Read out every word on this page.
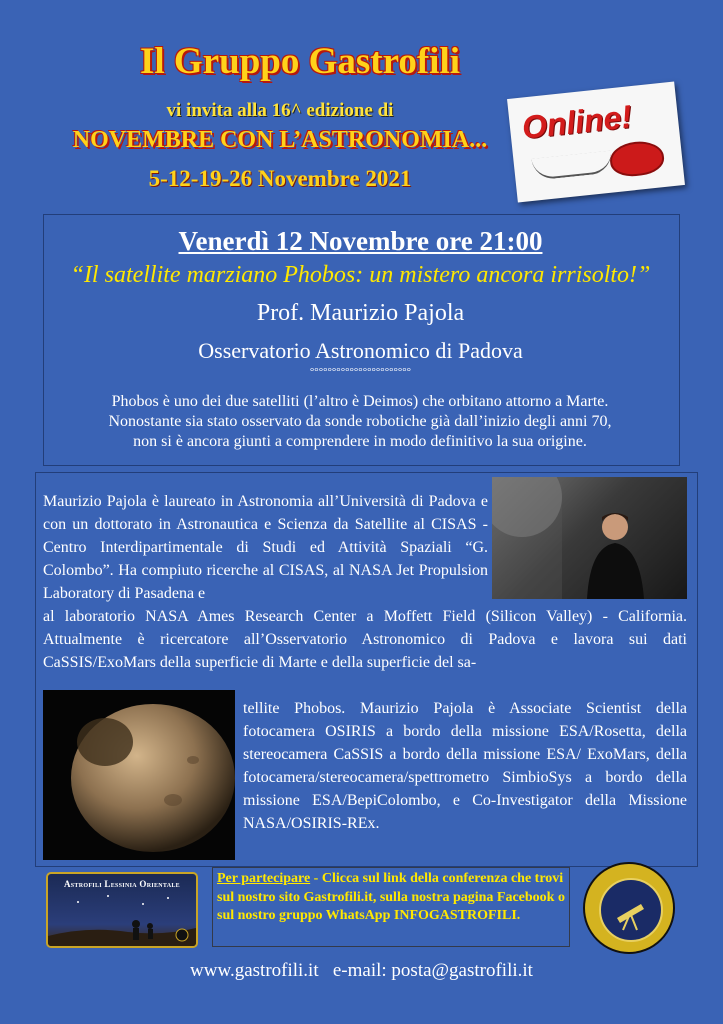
Il Gruppo Gastrofili
vi invita alla 16^ edizione di
NOVEMBRE CON L’ASTRONOMIA...
5-12-19-26 Novembre 2021
Online!
Venerdì 12 Novembre ore 21:00
“Il satellite marziano Phobos: un mistero ancora irrisolto!”
Prof. Maurizio Pajola
Osservatorio Astronomico di Padova
°°°°°°°°°°°°°°°°°°°°°°°
Phobos è uno dei due satelliti (l’altro è Deimos) che orbitano attorno a Marte.
Nonostante sia stato osservato da sonde robotiche già dall’inizio degli anni 70,
non si è ancora giunti a comprendere in modo definitivo la sua origine.
Maurizio Pajola è laureato in Astronomia all’Università di Padova e con un dottorato in Astronautica e Scienza da Satellite al CISAS - Centro Interdipartimentale di Studi ed Attività Spaziali “G. Colombo”. Ha compiuto ricerche al CISAS, al NASA Jet Propulsion Laboratory di Pasadena e
al laboratorio NASA Ames Research Center a Moffett Field (Silicon Valley) - California. Attualmente è ricercatore all’Osservatorio Astronomico di Padova e lavora sui dati CaSSIS/ExoMars della superficie di Marte e della superficie del sa-
tellite Phobos. Maurizio Pajola è Associate Scientist della fotocamera OSIRIS a bordo della missione ESA/Rosetta, della stereocamera CaSSIS a bordo della missione ESA/ ExoMars, della fotocamera/stereocamera/spettrometro SimbioSys a bordo della missione ESA/BepiColombo, e Co-Investigator della Missione NASA/OSIRIS-REx.
Astrofili Lessinia Orientale	Per partecipare - Clicca sul link della conferenza che trovi sul nostro sito Gastrofili.it, sulla nostra pagina Facebook o sul nostro gruppo WhatsApp INFOGASTROFILI.
www.gastrofili.it e-mail: posta@gastrofili.it
